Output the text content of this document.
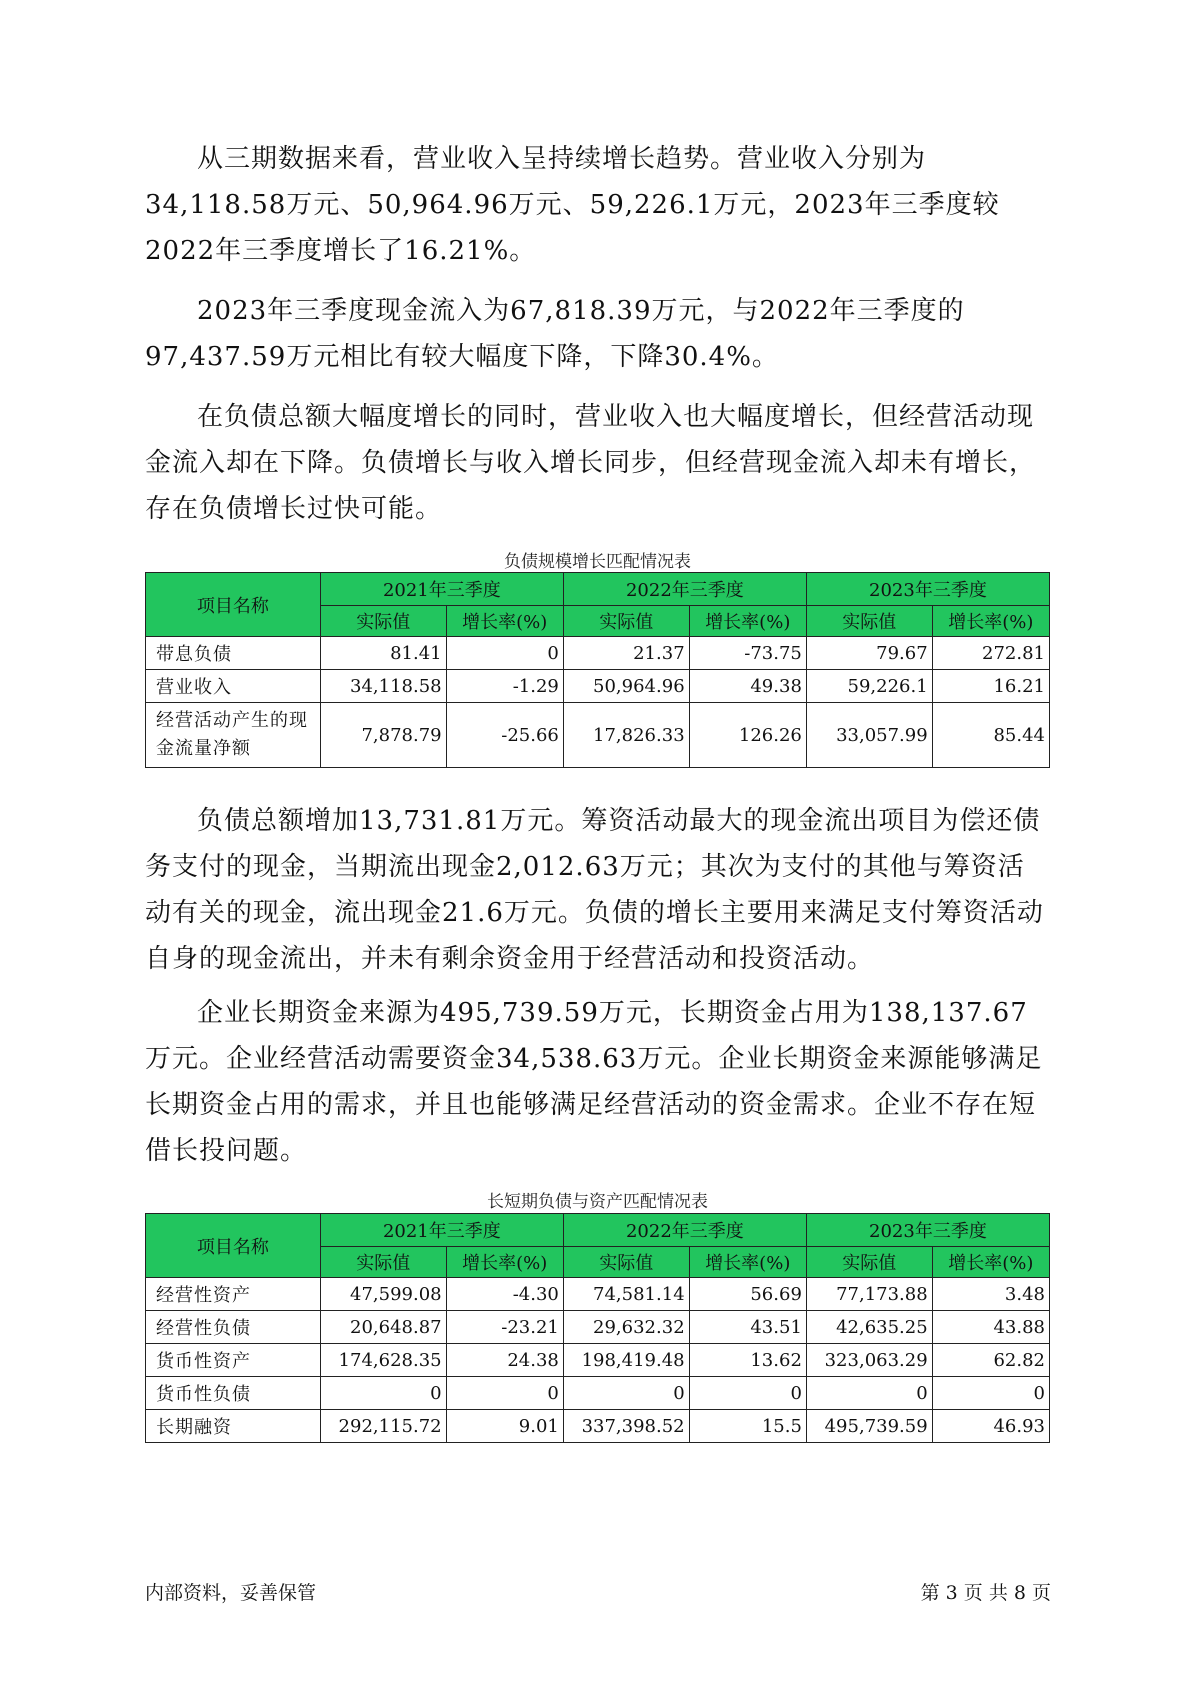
从三期数据来看，营业收入呈持续增长趋势。营业收入分别为34,118.58万元、50,964.96万元、59,226.1万元，2023年三季度较2022年三季度增长了16.21%。

2023年三季度现金流入为67,818.39万元，与2022年三季度的97,437.59万元相比有较大幅度下降，下降30.4%。

在负债总额大幅度增长的同时，营业收入也大幅度增长，但经营活动现金流入却在下降。负债增长与收入增长同步，但经营现金流入却未有增长，存在负债增长过快可能。

负债规模增长匹配情况表
项目名称	2021年三季度		2022年三季度		2023年三季度	
	实际值	增长率(%)	实际值	增长率(%)	实际值	增长率(%)
带息负债	81.41	0	21.37	-73.75	79.67	272.81
营业收入	34,118.58	-1.29	50,964.96	49.38	59,226.1	16.21
经营活动产生的现金流量净额	7,878.79	-25.66	17,826.33	126.26	33,057.99	85.44

负债总额增加13,731.81万元。筹资活动最大的现金流出项目为偿还债务支付的现金，当期流出现金2,012.63万元；其次为支付的其他与筹资活动有关的现金，流出现金21.6万元。负债的增长主要用来满足支付筹资活动自身的现金流出，并未有剩余资金用于经营活动和投资活动。

企业长期资金来源为495,739.59万元，长期资金占用为138,137.67万元。企业经营活动需要资金34,538.63万元。企业长期资金来源能够满足长期资金占用的需求，并且也能够满足经营活动的资金需求。企业不存在短借长投问题。

长短期负债与资产匹配情况表
项目名称	2021年三季度		2022年三季度		2023年三季度	
	实际值	增长率(%)	实际值	增长率(%)	实际值	增长率(%)
经营性资产	47,599.08	-4.30	74,581.14	56.69	77,173.88	3.48
经营性负债	20,648.87	-23.21	29,632.32	43.51	42,635.25	43.88
货币性资产	174,628.35	24.38	198,419.48	13.62	323,063.29	62.82
货币性负债	0	0	0	0	0	0
长期融资	292,115.72	9.01	337,398.52	15.5	495,739.59	46.93
内部资料，妥善保管	第 3 页 共 8 页
